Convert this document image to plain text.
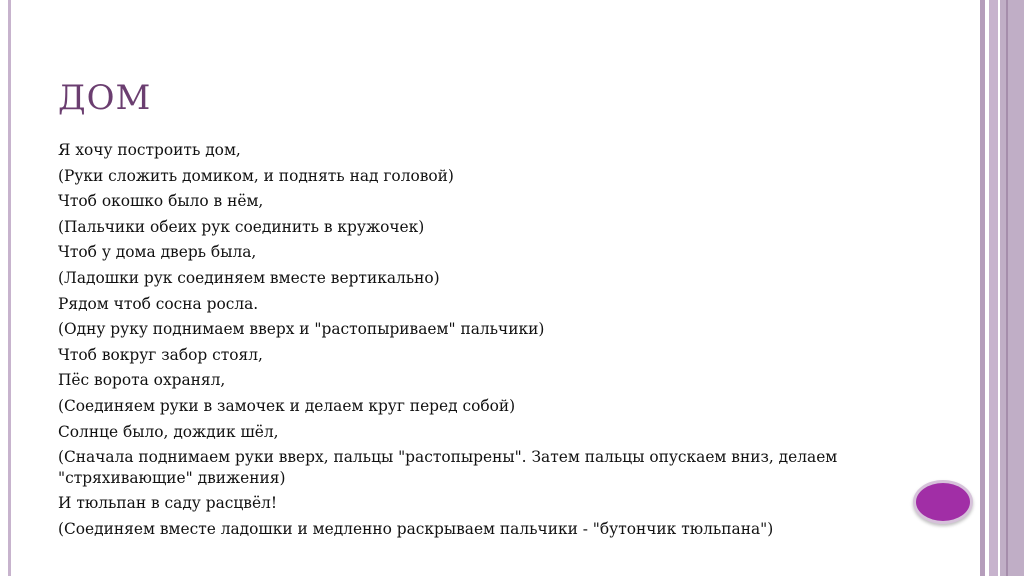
ДОМ

Я хочу построить дом,

(Руки сложить домиком, и поднять над головой)

Чтоб окошко было в нём,

(Пальчики обеих рук соединить в кружочек)

Чтоб у дома дверь была,

(Ладошки рук соединяем вместе вертикально)

Рядом чтоб сосна росла.

(Одну руку поднимаем вверх и "растопыриваем" пальчики)

Чтоб вокруг забор стоял,

Пёс ворота охранял,

(Соединяем руки в замочек и делаем круг перед собой)

Солнце было, дождик шёл,

(Сначала поднимаем руки вверх, пальцы "растопырены". Затем пальцы опускаем вниз, делаем "стряхивающие" движения)

И тюльпан в саду расцвёл!

(Соединяем вместе ладошки и медленно раскрываем пальчики - "бутончик тюльпана")
